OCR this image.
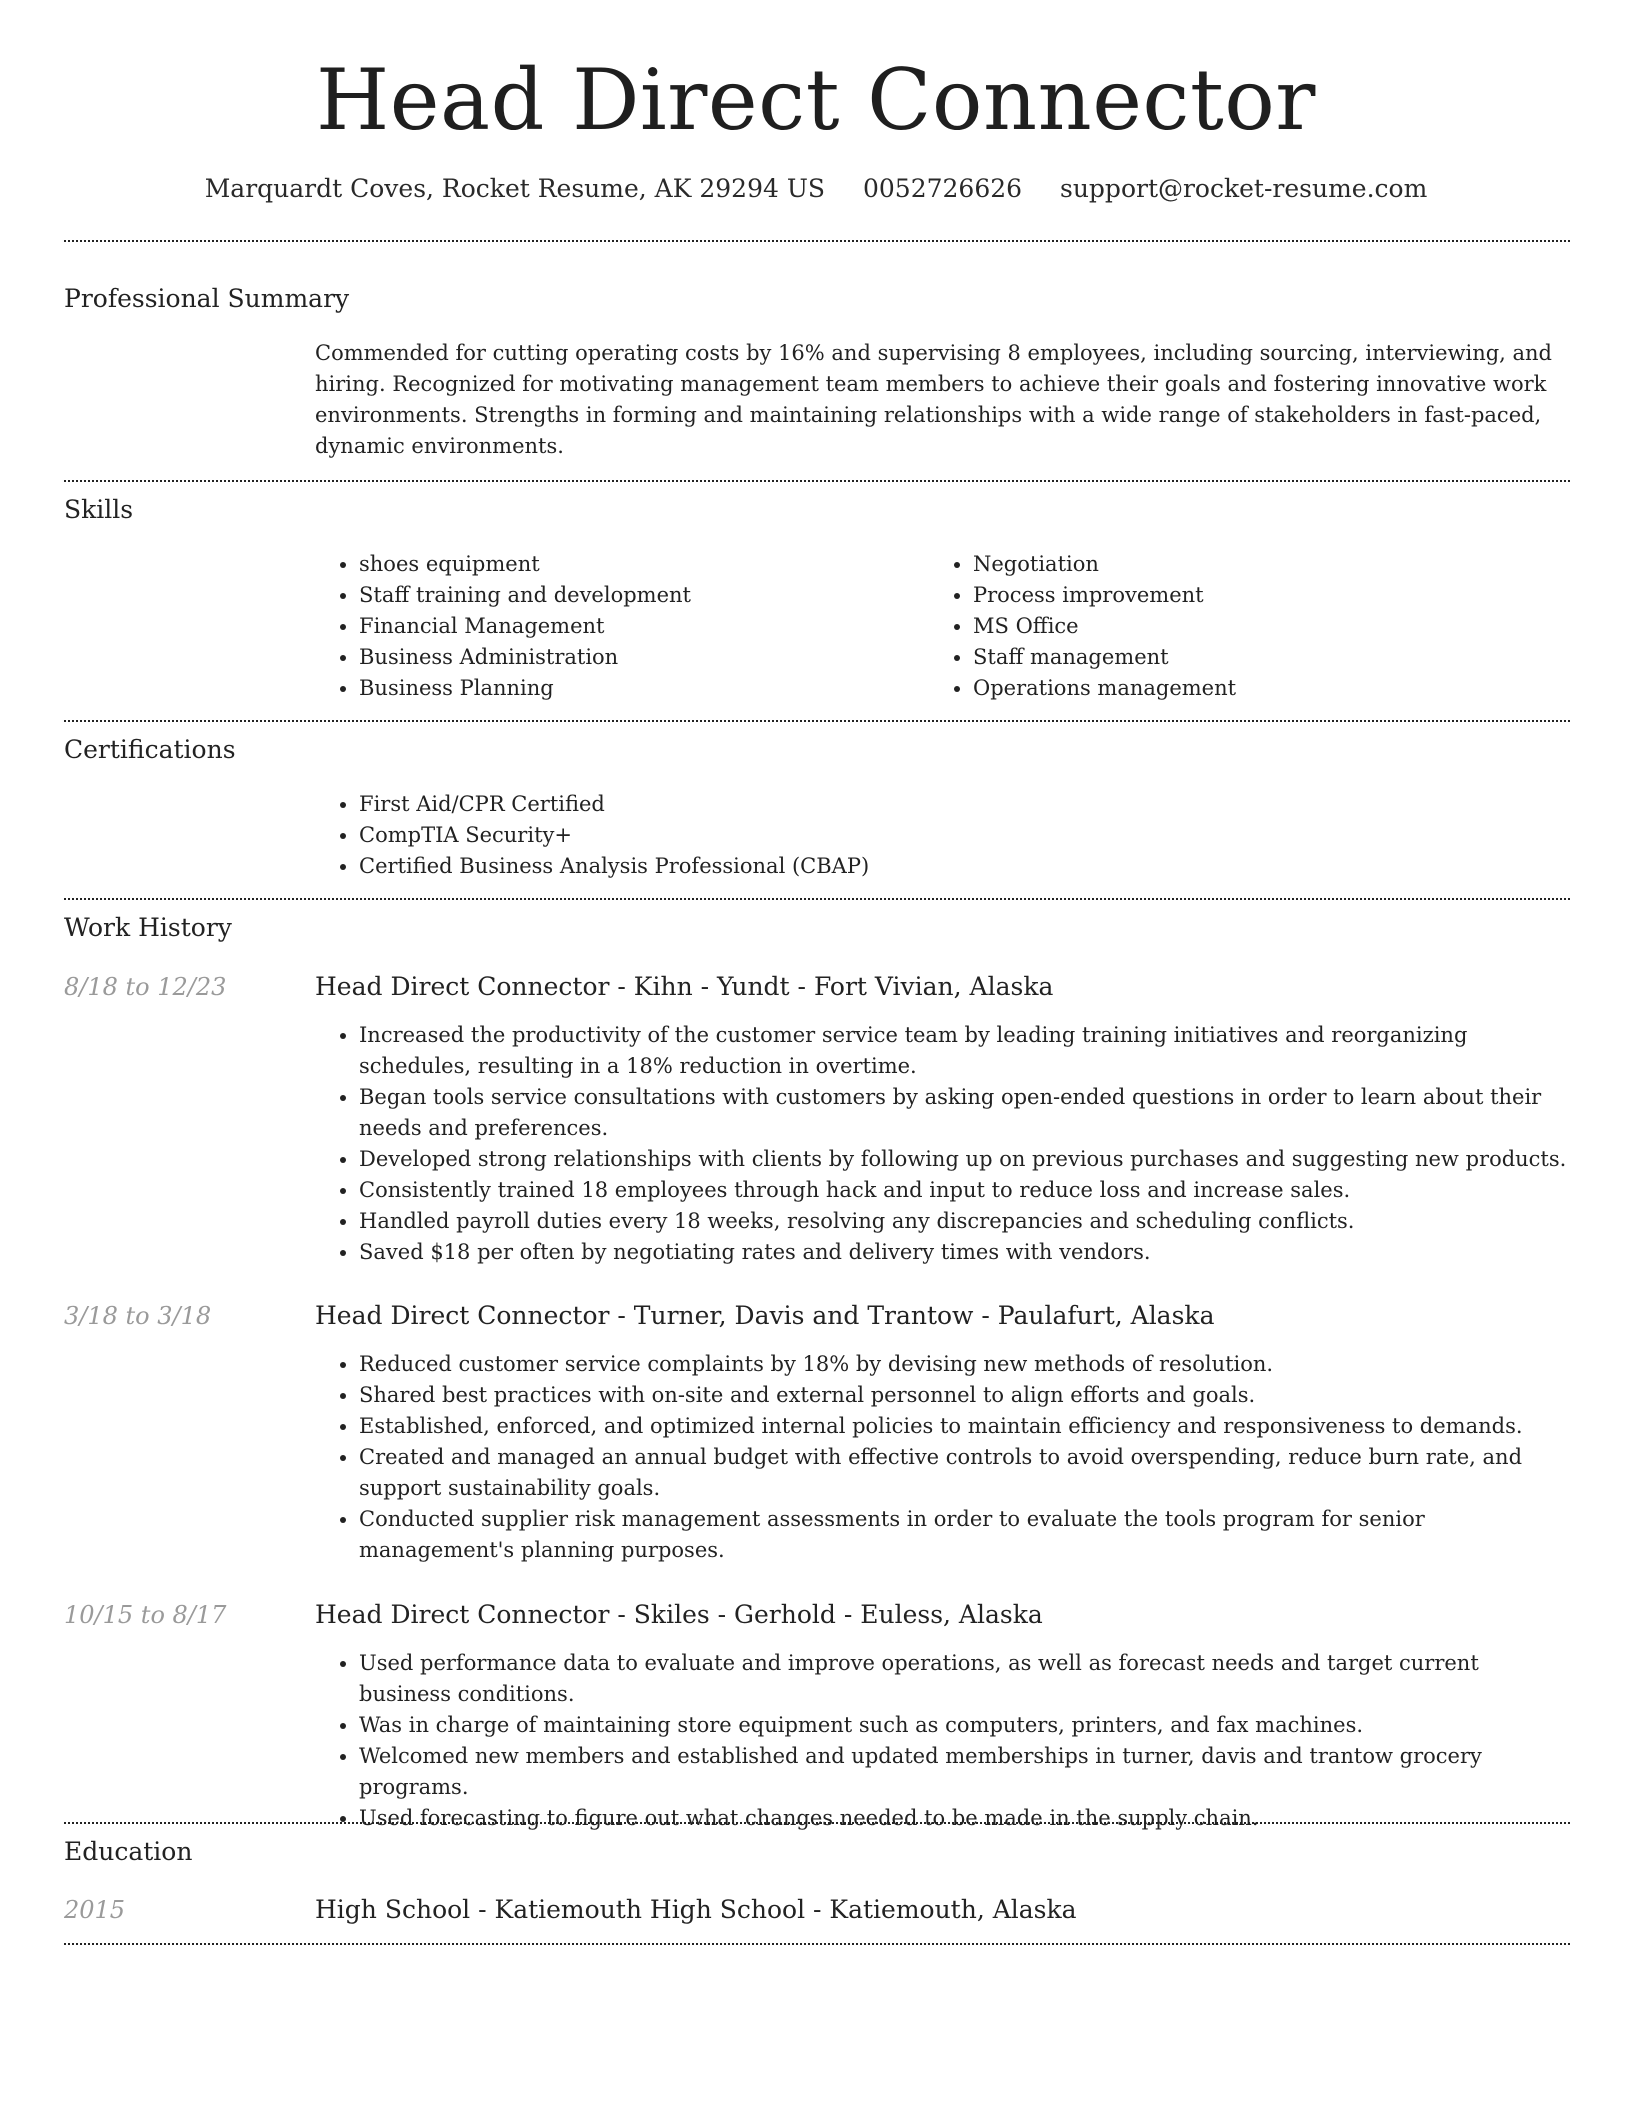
Head Direct Connector
Marquardt Coves, Rocket Resume, AK 29294 US 0052726626 support@rocket-resume.com
Professional Summary
Commended for cutting operating costs by 16% and supervising 8 employees, including sourcing, interviewing, and hiring. Recognized for motivating management team members to achieve their goals and fostering innovative work environments. Strengths in forming and maintaining relationships with a wide range of stakeholders in fast-paced, dynamic environments.
Skills
• shoes equipment
• Staff training and development
• Financial Management
• Business Administration
• Business Planning
• Negotiation
• Process improvement
• MS Office
• Staff management
• Operations management
Certifications
• First Aid/CPR Certified
• CompTIA Security+
• Certified Business Analysis Professional (CBAP)
Work History
8/18 to 12/23	Head Direct Connector - Kihn - Yundt - Fort Vivian, Alaska
• Increased the productivity of the customer service team by leading training initiatives and reorganizing schedules, resulting in a 18% reduction in overtime.
• Began tools service consultations with customers by asking open-ended questions in order to learn about their needs and preferences.
• Developed strong relationships with clients by following up on previous purchases and suggesting new products.
• Consistently trained 18 employees through hack and input to reduce loss and increase sales.
• Handled payroll duties every 18 weeks, resolving any discrepancies and scheduling conflicts.
• Saved $18 per often by negotiating rates and delivery times with vendors.
3/18 to 3/18	Head Direct Connector - Turner, Davis and Trantow - Paulafurt, Alaska
• Reduced customer service complaints by 18% by devising new methods of resolution.
• Shared best practices with on-site and external personnel to align efforts and goals.
• Established, enforced, and optimized internal policies to maintain efficiency and responsiveness to demands.
• Created and managed an annual budget with effective controls to avoid overspending, reduce burn rate, and support sustainability goals.
• Conducted supplier risk management assessments in order to evaluate the tools program for senior management's planning purposes.
10/15 to 8/17	Head Direct Connector - Skiles - Gerhold - Euless, Alaska
• Used performance data to evaluate and improve operations, as well as forecast needs and target current business conditions.
• Was in charge of maintaining store equipment such as computers, printers, and fax machines.
• Welcomed new members and established and updated memberships in turner, davis and trantow grocery programs.
• Used forecasting to figure out what changes needed to be made in the supply chain.
Education
2015	High School - Katiemouth High School - Katiemouth, Alaska
